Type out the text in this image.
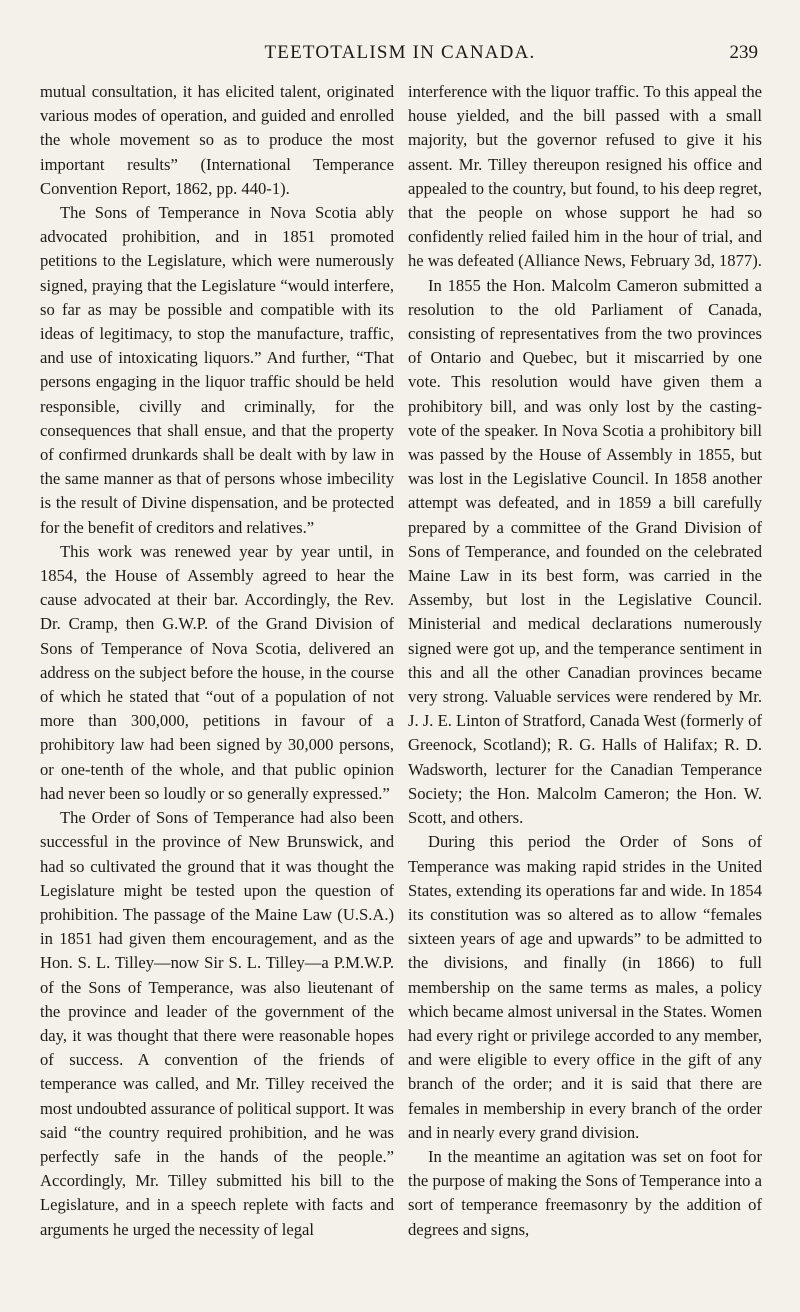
TEETOTALISM IN CANADA.	239

mutual consultation, it has elicited talent, originated various modes of operation, and guided and enrolled the whole movement so as to produce the most important results” (International Temperance Convention Report, 1862, pp. 440-1).

The Sons of Temperance in Nova Scotia ably advocated prohibition, and in 1851 promoted petitions to the Legislature, which were numerously signed, praying that the Legislature “would interfere, so far as may be possible and compatible with its ideas of legitimacy, to stop the manufacture, traffic, and use of intoxicating liquors.” And further, “That persons engaging in the liquor traffic should be held responsible, civilly and criminally, for the consequences that shall ensue, and that the property of confirmed drunkards shall be dealt with by law in the same manner as that of persons whose imbecility is the result of Divine dispensation, and be protected for the benefit of creditors and relatives.”

This work was renewed year by year until, in 1854, the House of Assembly agreed to hear the cause advocated at their bar. Accordingly, the Rev. Dr. Cramp, then G.W.P. of the Grand Division of Sons of Temperance of Nova Scotia, delivered an address on the subject before the house, in the course of which he stated that “out of a population of not more than 300,000, petitions in favour of a prohibitory law had been signed by 30,000 persons, or one-tenth of the whole, and that public opinion had never been so loudly or so generally expressed.”

The Order of Sons of Temperance had also been successful in the province of New Brunswick, and had so cultivated the ground that it was thought the Legislature might be tested upon the question of prohibition. The passage of the Maine Law (U.S.A.) in 1851 had given them encouragement, and as the Hon. S. L. Tilley—now Sir S. L. Tilley—a P.M.W.P. of the Sons of Temperance, was also lieutenant of the province and leader of the government of the day, it was thought that there were reasonable hopes of success. A convention of the friends of temperance was called, and Mr. Tilley received the most undoubted assurance of political support. It was said “the country required prohibition, and he was perfectly safe in the hands of the people.” Accordingly, Mr. Tilley submitted his bill to the Legislature, and in a speech replete with facts and arguments he urged the necessity of legal

interference with the liquor traffic. To this appeal the house yielded, and the bill passed with a small majority, but the governor refused to give it his assent. Mr. Tilley thereupon resigned his office and appealed to the country, but found, to his deep regret, that the people on whose support he had so confidently relied failed him in the hour of trial, and he was defeated (Alliance News, February 3d, 1877).

In 1855 the Hon. Malcolm Cameron submitted a resolution to the old Parliament of Canada, consisting of representatives from the two provinces of Ontario and Quebec, but it miscarried by one vote. This resolution would have given them a prohibitory bill, and was only lost by the casting-vote of the speaker. In Nova Scotia a prohibitory bill was passed by the House of Assembly in 1855, but was lost in the Legislative Council. In 1858 another attempt was defeated, and in 1859 a bill carefully prepared by a committee of the Grand Division of Sons of Temperance, and founded on the celebrated Maine Law in its best form, was carried in the Assemby, but lost in the Legislative Council. Ministerial and medical declarations numerously signed were got up, and the temperance sentiment in this and all the other Canadian provinces became very strong. Valuable services were rendered by Mr. J. J. E. Linton of Stratford, Canada West (formerly of Greenock, Scotland); R. G. Halls of Halifax; R. D. Wadsworth, lecturer for the Canadian Temperance Society; the Hon. Malcolm Cameron; the Hon. W. Scott, and others.

During this period the Order of Sons of Temperance was making rapid strides in the United States, extending its operations far and wide. In 1854 its constitution was so altered as to allow “females sixteen years of age and upwards” to be admitted to the divisions, and finally (in 1866) to full membership on the same terms as males, a policy which became almost universal in the States. Women had every right or privilege accorded to any member, and were eligible to every office in the gift of any branch of the order; and it is said that there are females in membership in every branch of the order and in nearly every grand division.

In the meantime an agitation was set on foot for the purpose of making the Sons of Temperance into a sort of temperance freemasonry by the addition of degrees and signs,
